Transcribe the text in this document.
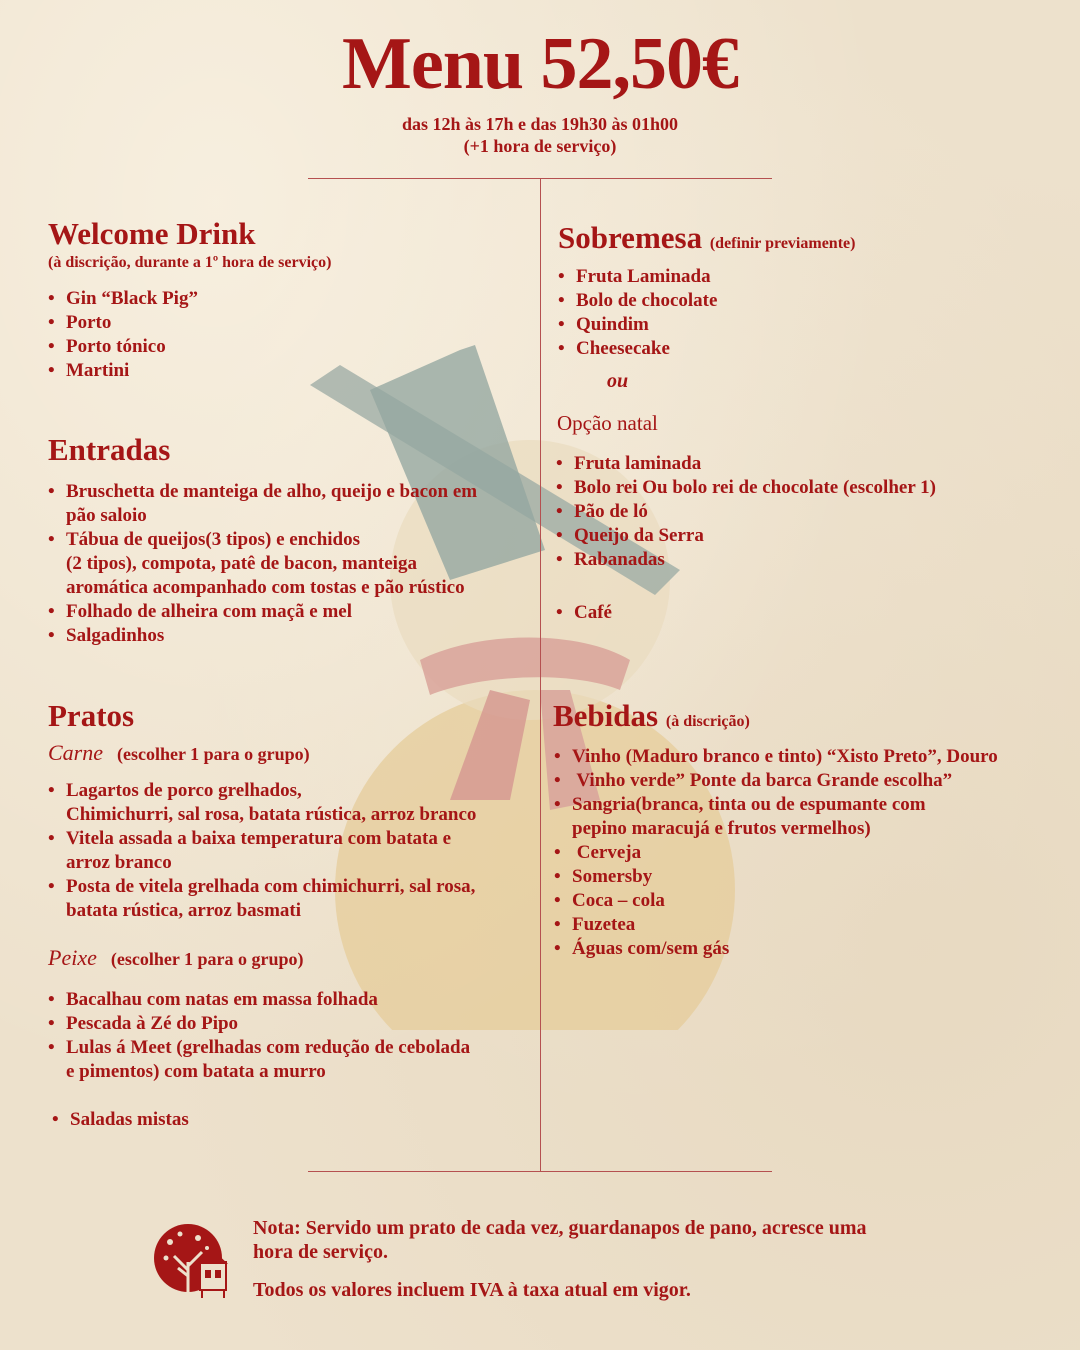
Menu 52,50€
das 12h às 17h e das 19h30 às 01h00
(+1 hora de serviço)
Welcome Drink
(à discrição, durante a 1º hora de serviço)
• Gin “Black Pig”
• Porto
• Porto tónico
• Martini
Entradas
• Bruschetta de manteiga de alho, queijo e bacon em
pão saloio
• Tábua de queijos(3 tipos) e enchidos
(2 tipos), compota, patê de bacon, manteiga
aromática acompanhado com tostas e pão rústico
• Folhado de alheira com maçã e mel
• Salgadinhos
Pratos
Carne (escolher 1 para o grupo)
• Lagartos de porco grelhados,
Chimichurri, sal rosa, batata rústica, arroz branco
• Vitela assada a baixa temperatura com batata e
arroz branco
• Posta de vitela grelhada com chimichurri, sal rosa,
batata rústica, arroz basmati
Peixe (escolher 1 para o grupo)
• Bacalhau com natas em massa folhada
• Pescada à Zé do Pipo
• Lulas á Meet (grelhadas com redução de cebolada
e pimentos) com batata a murro
• Saladas mistas
Sobremesa (definir previamente)
• Fruta Laminada
• Bolo de chocolate
• Quindim
• Cheesecake
ou
Opção natal
• Fruta laminada
• Bolo rei Ou bolo rei de chocolate (escolher 1)
• Pão de ló
• Queijo da Serra
• Rabanadas
• Café
Bebidas (à discrição)
• Vinho (Maduro branco e tinto) “Xisto Preto”, Douro
•  Vinho verde” Ponte da barca Grande escolha”
• Sangria(branca, tinta ou de espumante com
pepino maracujá e frutos vermelhos)
•  Cerveja
• Somersby
• Coca – cola
• Fuzetea
• Águas com/sem gás
Nota: Servido um prato de cada vez, guardanapos de pano, acresce uma
hora de serviço.
Todos os valores incluem IVA à taxa atual em vigor.
